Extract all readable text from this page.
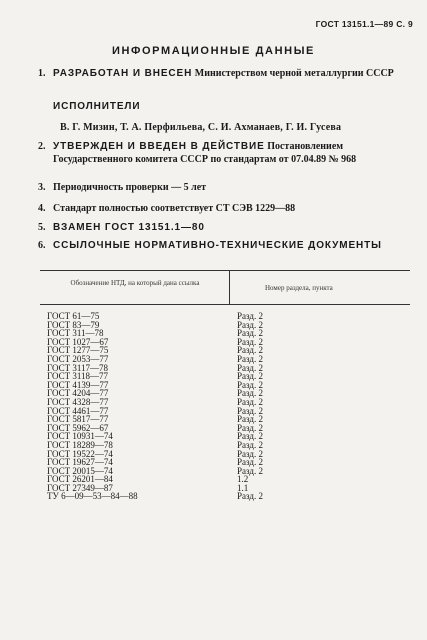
ГОСТ 13151.1—89 С. 9
ИНФОРМАЦИОННЫЕ ДАННЫЕ
1. РАЗРАБОТАН И ВНЕСЕН Министерством черной металлургии СССР
ИСПОЛНИТЕЛИ
В. Г. Мизин, Т. А. Перфильева, С. И. Ахманаев, Г. И. Гусева
2. УТВЕРЖДЕН И ВВЕДЕН В ДЕЙСТВИЕ Постановлением Государственного комитета СССР по стандартам от 07.04.89 № 968
3. Периодичность проверки — 5 лет
4. Стандарт полностью соответствует СТ СЭВ 1229—88
5. ВЗАМЕН ГОСТ 13151.1—80
6. ССЫЛОЧНЫЕ НОРМАТИВНО-ТЕХНИЧЕСКИЕ ДОКУМЕНТЫ
Обозначение НТД, на который дана ссылка
Номер раздела, пункта
ГОСТ 61—75	Разд. 2
ГОСТ 83—79	Разд. 2
ГОСТ 311—78	Разд. 2
ГОСТ 1027—67	Разд. 2
ГОСТ 1277—75	Разд. 2
ГОСТ 2053—77	Разд. 2
ГОСТ 3117—78	Разд. 2
ГОСТ 3118—77	Разд. 2
ГОСТ 4139—77	Разд. 2
ГОСТ 4204—77	Разд. 2
ГОСТ 4328—77	Разд. 2
ГОСТ 4461—77	Разд. 2
ГОСТ 5817—77	Разд. 2
ГОСТ 5962—67	Разд. 2
ГОСТ 10931—74	Разд. 2
ГОСТ 18289—78	Разд. 2
ГОСТ 19522—74	Разд. 2
ГОСТ 19627—74	Разд. 2
ГОСТ 20015—74	Разд. 2
ГОСТ 26201—84	1.2
ГОСТ 27349—87	1.1
ТУ 6—09—53—84—88	Разд. 2
